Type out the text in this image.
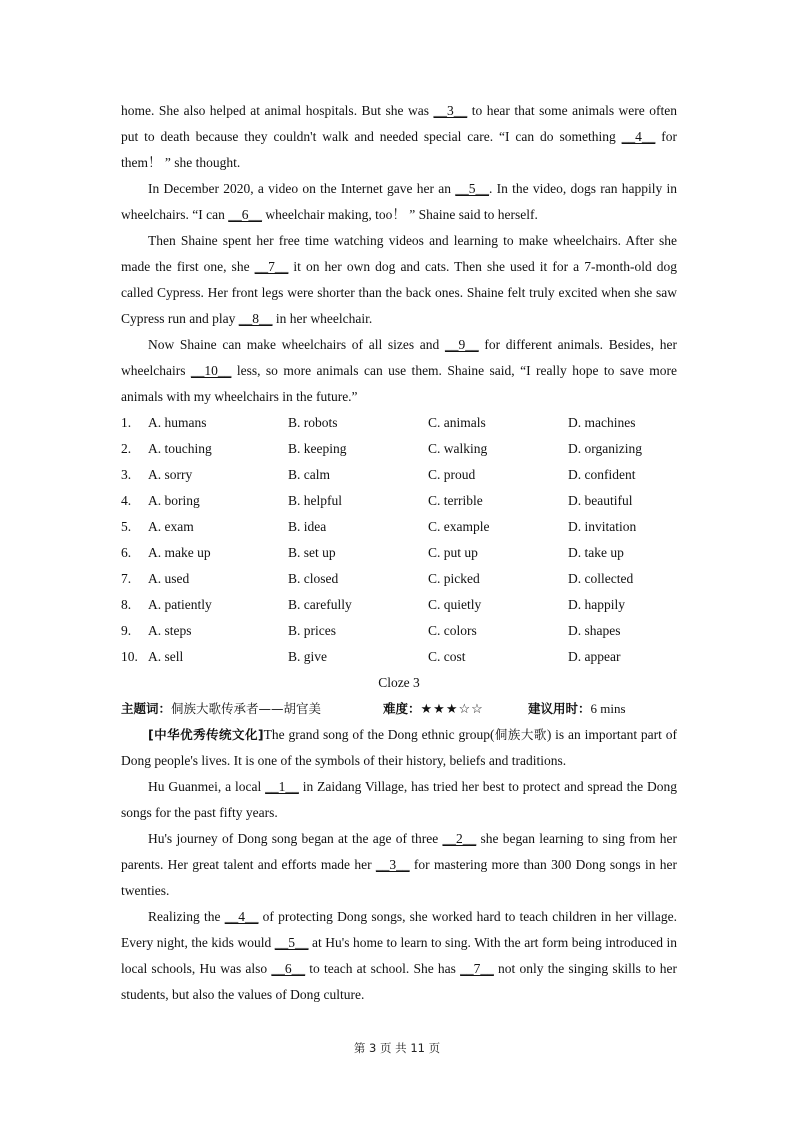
home. She also helped at animal hospitals. But she was __3__ to hear that some animals were often put to death because they couldn't walk and needed special care. “I can do something __4__ for them！ ” she thought.

In December 2020, a video on the Internet gave her an __5__. In the video, dogs ran happily in wheelchairs. “I can __6__ wheelchair making, too！ ” Shaine said to herself.

Then Shaine spent her free time watching videos and learning to make wheelchairs. After she made the first one, she __7__ it on her own dog and cats. Then she used it for a 7-month-old dog called Cypress. Her front legs were shorter than the back ones. Shaine felt truly excited when she saw Cypress run and play __8__ in her wheelchair.

Now Shaine can make wheelchairs of all sizes and __9__ for different animals. Besides, her wheelchairs __10__ less, so more animals can use them. Shaine said, “I really hope to save more animals with my wheelchairs in the future.”

1.	A. humans	B. robots	C. animals	D. machines
2.	A. touching	B. keeping	C. walking	D. organizing
3.	A. sorry	B. calm	C. proud	D. confident
4.	A. boring	B. helpful	C. terrible	D. beautiful
5.	A. exam	B. idea	C. example	D. invitation
6.	A. make up	B. set up	C. put up	D. take up
7.	A. used	B. closed	C. picked	D. collected
8.	A. patiently	B. carefully	C. quietly	D. happily
9.	A. steps	B. prices	C. colors	D. shapes
10. A. sell	B. give	C. cost	D. appear
Cloze 3
主题词：侗族大歌传承者——胡官美	难度：★★★☆☆	建议用时：6 mins

[中华优秀传统文化]The grand song of the Dong ethnic group(侗族大歌) is an important part of Dong people's lives. It is one of the symbols of their history, beliefs and traditions.

Hu Guanmei, a local __1__ in Zaidang Village, has tried her best to protect and spread the Dong songs for the past fifty years.

Hu's journey of Dong song began at the age of three __2__ she began learning to sing from her parents. Her great talent and efforts made her __3__ for mastering more than 300 Dong songs in her twenties.

Realizing the __4__ of protecting Dong songs, she worked hard to teach children in her village. Every night, the kids would __5__ at Hu's home to learn to sing. With the art form being introduced in local schools, Hu was also __6__ to teach at school. She has __7__ not only the singing skills to her students, but also the values of Dong culture.

第 3 页 共 11 页
